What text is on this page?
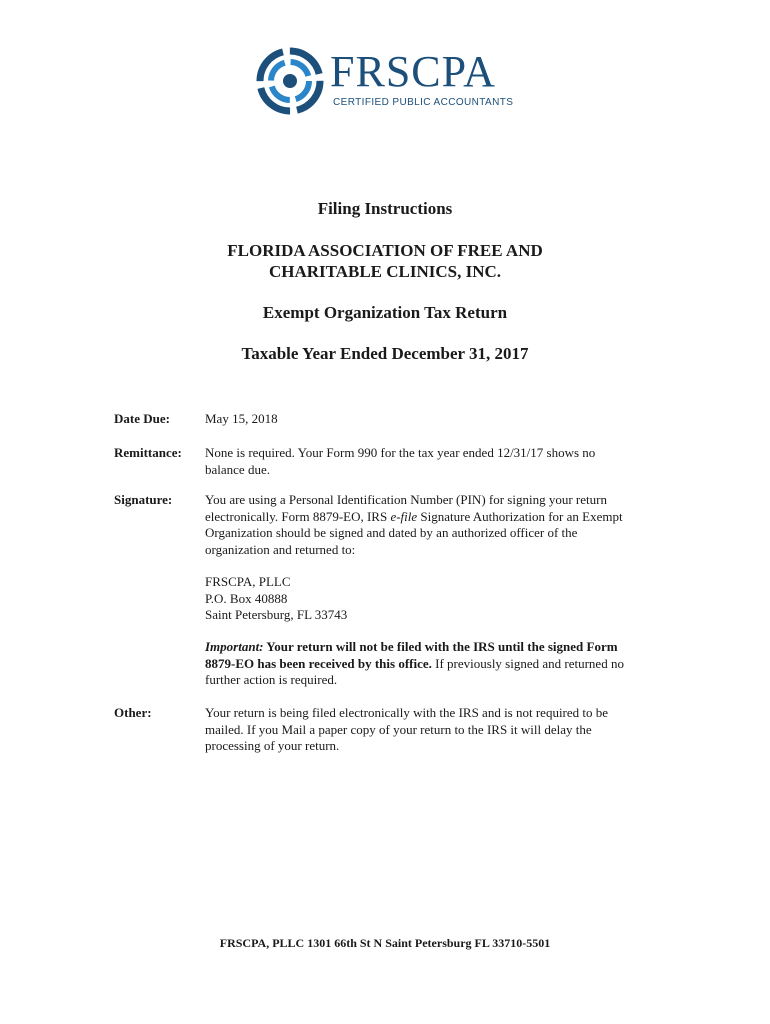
FRSCPA
CERTIFIED PUBLIC ACCOUNTANTS
Filing Instructions
FLORIDA ASSOCIATION OF FREE AND
CHARITABLE CLINICS, INC.
Exempt Organization Tax Return
Taxable Year Ended December 31, 2017
Date Due:	May 15, 2018
Remittance: None is required. Your Form 990 for the tax year ended 12/31/17 shows no
balance due.
Signature:	You are using a Personal Identification Number (PIN) for signing your return
electronically. Form 8879-EO, IRS e-file Signature Authorization for an Exempt
Organization should be signed and dated by an authorized officer of the
organization and returned to:
FRSCPA, PLLC
P.O. Box 40888
Saint Petersburg, FL 33743
Important: Your return will not be filed with the IRS until the signed Form
8879-EO has been received by this office. If previously signed and returned no
further action is required.
Other:	Your return is being filed electronically with the IRS and is not required to be
mailed. If you Mail a paper copy of your return to the IRS it will delay the
processing of your return.
FRSCPA, PLLC 1301 66th St N Saint Petersburg FL 33710-5501
